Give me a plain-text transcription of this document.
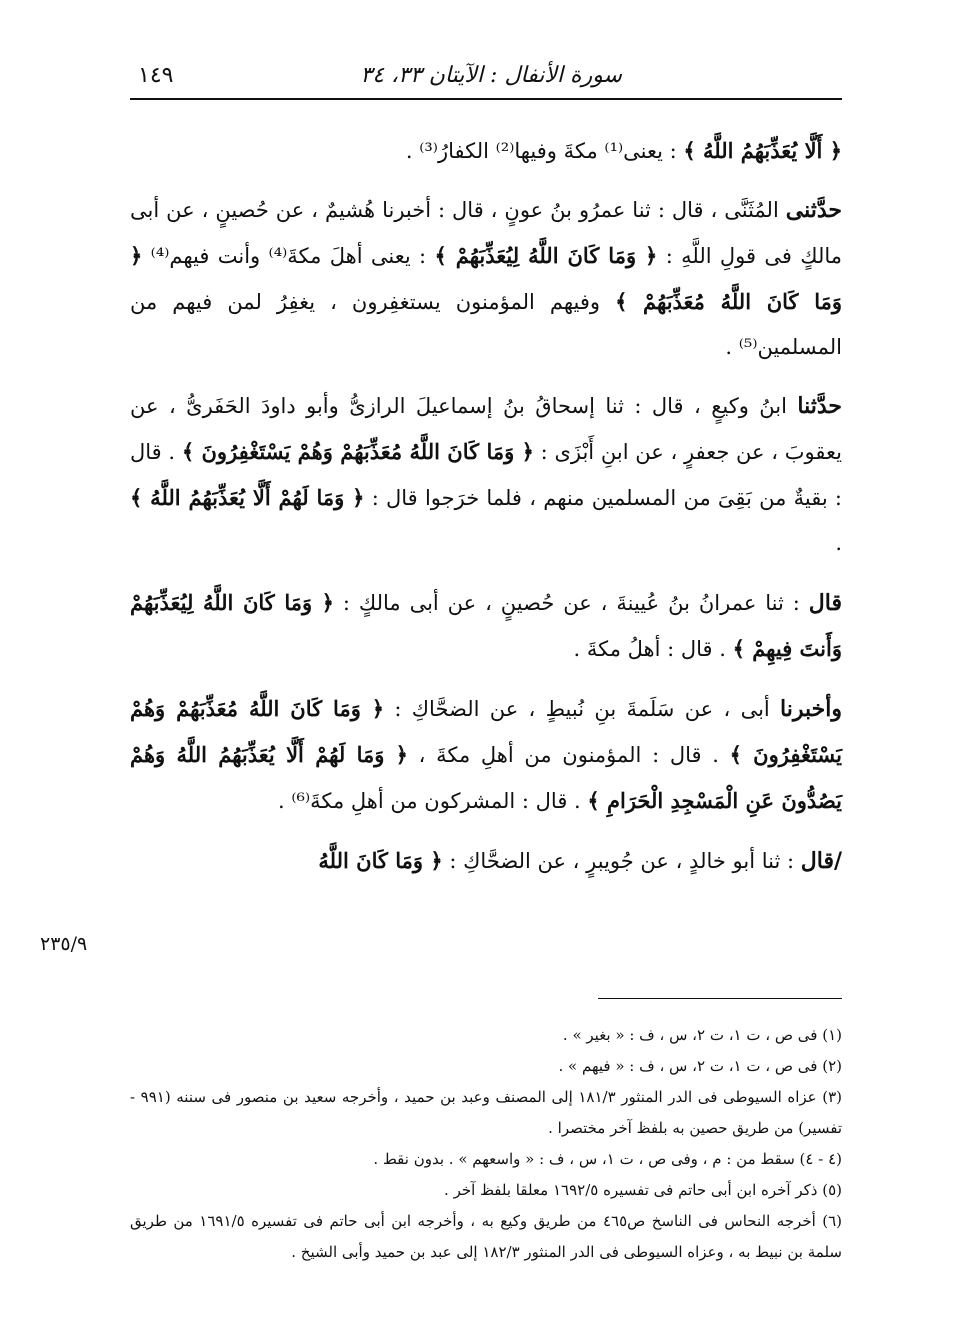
سورة الأنفال : الآيتان ٣٣، ٣٤
١٤٩

﴿ أَلَّا يُعَذِّبَهُمُ اللَّهُ ﴾ : يعنى⁽¹⁾ مكةَ وفيها⁽²⁾ الكفارُ⁽³⁾ .

حدَّثنى المُثَنَّى ، قال : ثنا عمرُو بنُ عونٍ ، قال : أخبرنا هُشيمٌ ، عن حُصينٍ ، عن أبى مالكٍ فى قولِ اللَّهِ : ﴿ وَمَا كَانَ اللَّهُ لِيُعَذِّبَهُمْ ﴾ : يعنى أهلَ مكةَ⁽⁴⁾ وأنت فيهم⁽⁴⁾ ﴿ وَمَا كَانَ اللَّهُ مُعَذِّبَهُمْ ﴾ وفيهم المؤمنون يستغفِرون ، يغفِرُ لمن فيهم من المسلمين⁽⁵⁾ .

حدَّثنا ابنُ وكيعٍ ، قال : ثنا إسحاقُ بنُ إسماعيلَ الرازىُّ وأبو داودَ الحَفَرىُّ ، عن يعقوبَ ، عن جعفرٍ ، عن ابنِ أَبْزَى : ﴿ وَمَا كَانَ اللَّهُ مُعَذِّبَهُمْ وَهُمْ يَسْتَغْفِرُونَ ﴾ . قال : بقيةٌ من بَقِىَ من المسلمين منهم ، فلما خرَجوا قال : ﴿ وَمَا لَهُمْ أَلَّا يُعَذِّبَهُمُ اللَّهُ ﴾ .

قال : ثنا عمرانُ بنُ عُيينةَ ، عن حُصينٍ ، عن أبى مالكٍ : ﴿ وَمَا كَانَ اللَّهُ لِيُعَذِّبَهُمْ وَأَنتَ فِيهِمْ ﴾ . قال : أهلُ مكةَ .

وأخبرنا أبى ، عن سَلَمةَ بنِ نُبيطٍ ، عن الضحَّاكِ : ﴿ وَمَا كَانَ اللَّهُ مُعَذِّبَهُمْ وَهُمْ يَسْتَغْفِرُونَ ﴾ . قال : المؤمنون من أهلِ مكةَ ، ﴿ وَمَا لَهُمْ أَلَّا يُعَذِّبَهُمُ اللَّهُ وَهُمْ يَصُدُّونَ عَنِ الْمَسْجِدِ الْحَرَامِ ﴾ . قال : المشركون من أهلِ مكةَ⁽⁶⁾ .

/قال : ثنا أبو خالدٍ ، عن جُويبرٍ ، عن الضحَّاكِ : ﴿ وَمَا كَانَ اللَّهُ

٢٣٥/٩

(١) فى ص ، ت ١، ت ٢، س ، ف : « بغير » .

(٢) فى ص ، ت ١، ت ٢، س ، ف : « فيهم » .

(٣) عزاه السيوطى فى الدر المنثور ١٨١/٣ إلى المصنف وعبد بن حميد ، وأخرجه سعيد بن منصور فى سننه (٩٩١ - تفسير) من طريق حصين به بلفظ آخر مختصرا .

(٤ - ٤) سقط من : م ، وفى ص ، ت ١، س ، ف : « واسعهم » . بدون نقط .

(٥) ذكر آخره ابن أبى حاتم فى تفسيره ١٦٩٢/٥ معلقا بلفظ آخر .

(٦) أخرجه النحاس فى الناسخ ص٤٦٥ من طريق وكيع به ، وأخرجه ابن أبى حاتم فى تفسيره ١٦٩١/٥ من طريق سلمة بن نبيط به ، وعزاه السيوطى فى الدر المنثور ١٨٢/٣ إلى عبد بن حميد وأبى الشيخ .
